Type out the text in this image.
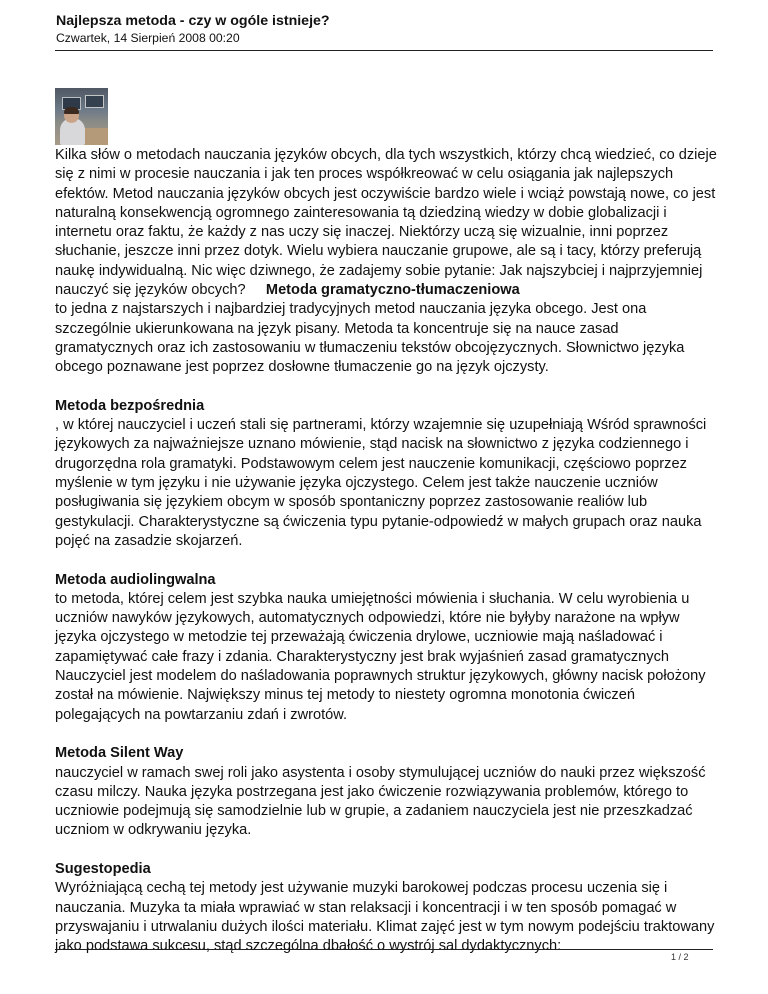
Najlepsza metoda - czy w ogóle istnieje?
Czwartek, 14 Sierpień 2008 00:20

Kilka słów o metodach nauczania języków obcych, dla tych wszystkich, którzy chcą wiedzieć, co dzieje się z nimi w procesie nauczania i jak ten proces współkreować w celu osiągania jak najlepszych efektów. Metod nauczania języków obcych jest oczywiście bardzo wiele i wciąż powstają nowe, co jest naturalną konsekwencją ogromnego zainteresowania tą dziedziną wiedzy w dobie globalizacji i internetu oraz faktu, że każdy z nas uczy się inaczej. Niektórzy uczą się wizualnie, inni poprzez słuchanie, jeszcze inni przez dotyk. Wielu wybiera nauczanie grupowe, ale są i tacy, którzy preferują naukę indywidualną. Nic więc dziwnego, że zadajemy sobie pytanie: Jak najszybciej i najprzyjemniej nauczyć się języków obcych? Metoda gramatyczno-tłumaczeniowa
to jedna z najstarszych i najbardziej tradycyjnych metod nauczania języka obcego. Jest ona szczególnie ukierunkowana na język pisany. Metoda ta koncentruje się na nauce zasad gramatycznych oraz ich zastosowaniu w tłumaczeniu tekstów obcojęzycznych. Słownictwo języka obcego poznawane jest poprzez dosłowne tłumaczenie go na język ojczysty.

Metoda bezpośrednia
, w której nauczyciel i uczeń stali się partnerami, którzy wzajemnie się uzupełniają Wśród sprawności językowych za najważniejsze uznano mówienie, stąd nacisk na słownictwo z języka codziennego i drugorzędna rola gramatyki. Podstawowym celem jest nauczenie komunikacji, częściowo poprzez myślenie w tym języku i nie używanie języka ojczystego. Celem jest także nauczenie uczniów posługiwania się językiem obcym w sposób spontaniczny poprzez zastosowanie realiów lub gestykulacji. Charakterystyczne są ćwiczenia typu pytanie-odpowiedź w małych grupach oraz nauka pojęć na zasadzie skojarzeń.

Metoda audiolingwalna
to metoda, której celem jest szybka nauka umiejętności mówienia i słuchania. W celu wyrobienia u uczniów nawyków językowych, automatycznych odpowiedzi, które nie byłyby narażone na wpływ języka ojczystego w metodzie tej przeważają ćwiczenia drylowe, uczniowie mają naśladować i zapamiętywać całe frazy i zdania. Charakterystyczny jest brak wyjaśnień zasad gramatycznych Nauczyciel jest modelem do naśladowania poprawnych struktur językowych, główny nacisk położony został na mówienie. Największy minus tej metody to niestety ogromna monotonia ćwiczeń polegających na powtarzaniu zdań i zwrotów.

Metoda Silent Way
nauczyciel w ramach swej roli jako asystenta i osoby stymulującej uczniów do nauki przez większość czasu milczy. Nauka języka postrzegana jest jako ćwiczenie rozwiązywania problemów, którego to uczniowie podejmują się samodzielnie lub w grupie, a zadaniem nauczyciela jest nie przeszkadzać uczniom w odkrywaniu języka.

Sugestopedia
Wyróżniającą cechą tej metody jest używanie muzyki barokowej podczas procesu uczenia się i nauczania. Muzyka ta miała wprawiać w stan relaksacji i koncentracji i w ten sposób pomagać w przyswajaniu i utrwalaniu dużych ilości materiału. Klimat zajęć jest w tym nowym podejściu traktowany jako podstawa sukcesu, stąd szczególna dbałość o wystrój sal dydaktycznych:

1 / 2
